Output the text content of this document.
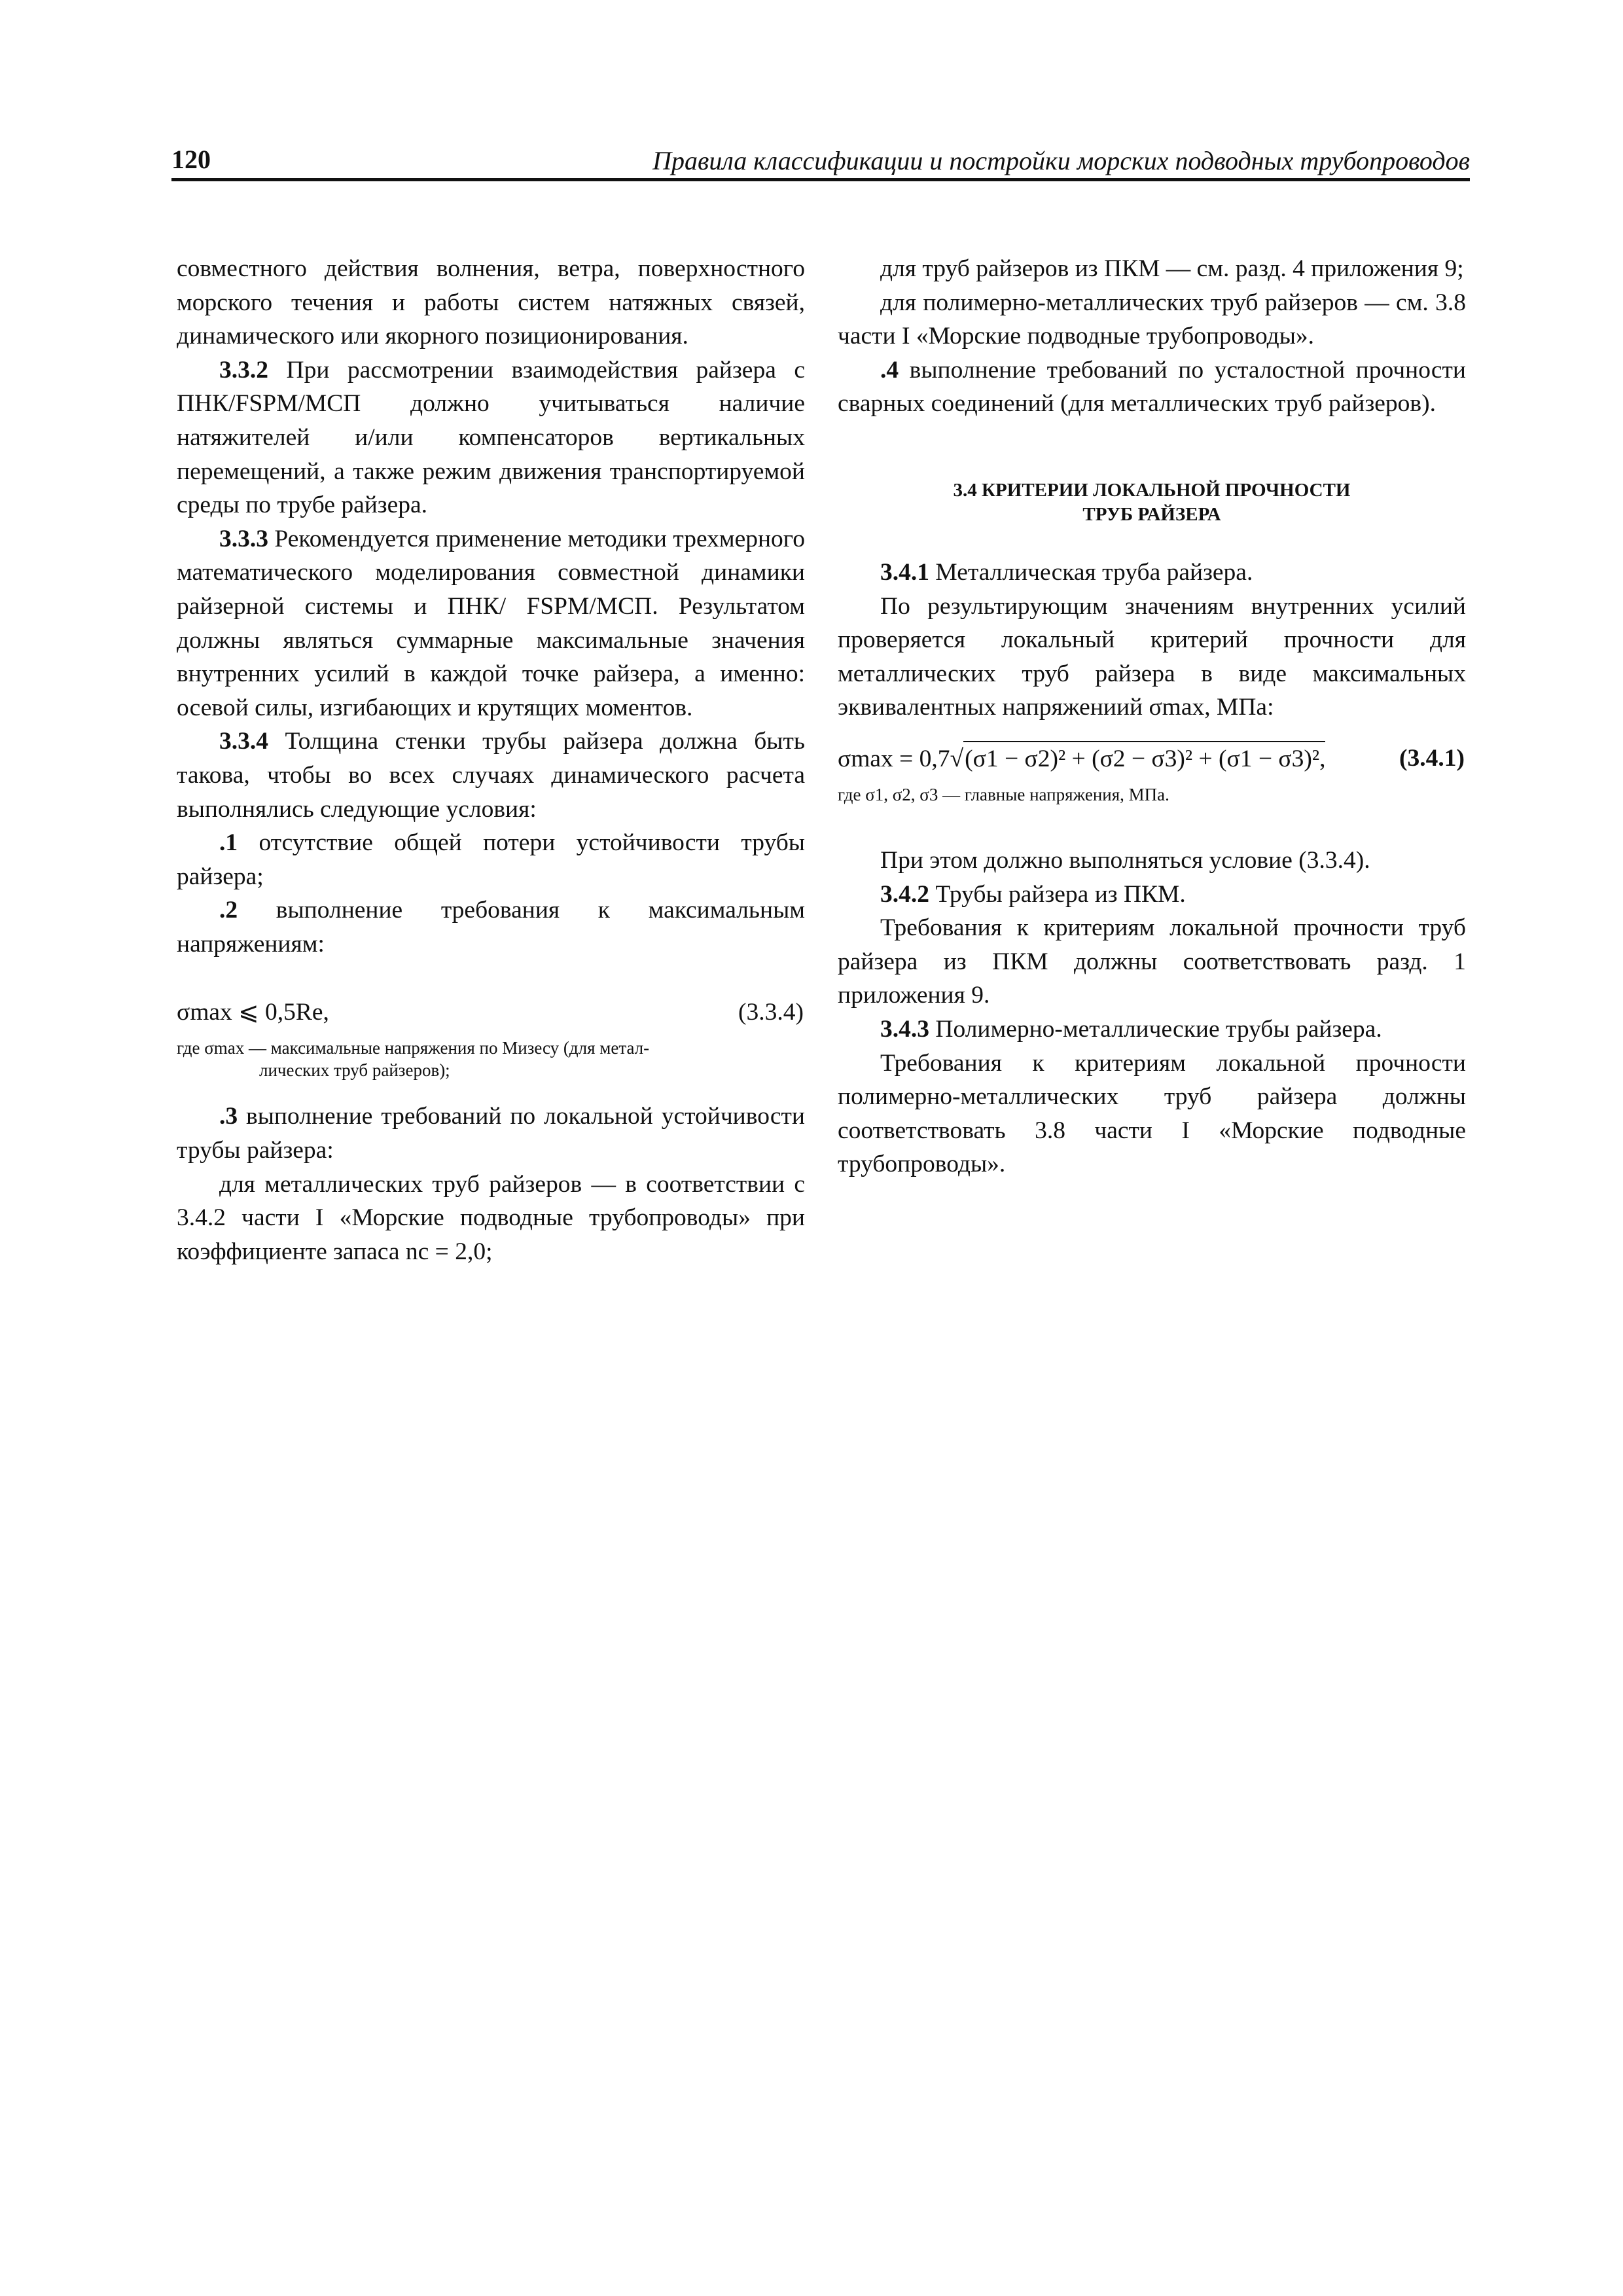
120	Правила классификации и постройки морских подводных трубопроводов

совместного действия волнения, ветра, поверхностного морского течения и работы систем натяжных связей, динамического или якорного позиционирования.

3.3.2 При рассмотрении взаимодействия райзера с ПНК/FSPM/МСП должно учитываться наличие натяжителей и/или компенсаторов вертикальных перемещений, а также режим движения транспортируемой среды по трубе райзера.

3.3.3 Рекомендуется применение методики трехмерного математического моделирования совместной динамики райзерной системы и ПНК/ FSPM/МСП. Результатом должны являться суммарные максимальные значения внутренних усилий в каждой точке райзера, а именно: осевой силы, изгибающих и крутящих моментов.

3.3.4 Толщина стенки трубы райзера должна быть такова, чтобы во всех случаях динамического расчета выполнялись следующие условия:

.1 отсутствие общей потери устойчивости трубы райзера;

.2 выполнение требования к максимальным напряжениям:

σmax ⩽ 0,5Re,	(3.3.4)
где σmax — максимальные напряжения по Мизесу (для метал-
лических труб райзеров);

.3 выполнение требований по локальной устойчивости трубы райзера:

для металлических труб райзеров — в соответствии с 3.4.2 части I «Морские подводные трубопроводы» при коэффициенте запаса nc = 2,0;

для труб райзеров из ПКМ — см. разд. 4 приложения 9;

для полимерно-металлических труб райзеров — см. 3.8 части I «Морские подводные трубопроводы».

.4 выполнение требований по усталостной прочности сварных соединений (для металлических труб райзеров).

3.4 КРИТЕРИИ ЛОКАЛЬНОЙ ПРОЧНОСТИ
ТРУБ РАЙЗЕРА

3.4.1 Металлическая труба райзера.

По результирующим значениям внутренних усилий проверяется локальный критерий прочности для металлических труб райзера в виде максимальных эквивалентных напряжениий σmax, МПа:

σmax = 0,7√(σ1 − σ2)² + (σ2 − σ3)² + (σ1 − σ3)²,	(3.4.1)
где σ1, σ2, σ3 — главные напряжения, МПа.

При этом должно выполняться условие (3.3.4).

3.4.2 Трубы райзера из ПКМ.

Требования к критериям локальной прочности труб райзера из ПКМ должны соответствовать разд. 1 приложения 9.

3.4.3 Полимерно-металлические трубы райзера.

Требования к критериям локальной прочности полимерно-металлических труб райзера должны соответствовать 3.8 части I «Морские подводные трубопроводы».
